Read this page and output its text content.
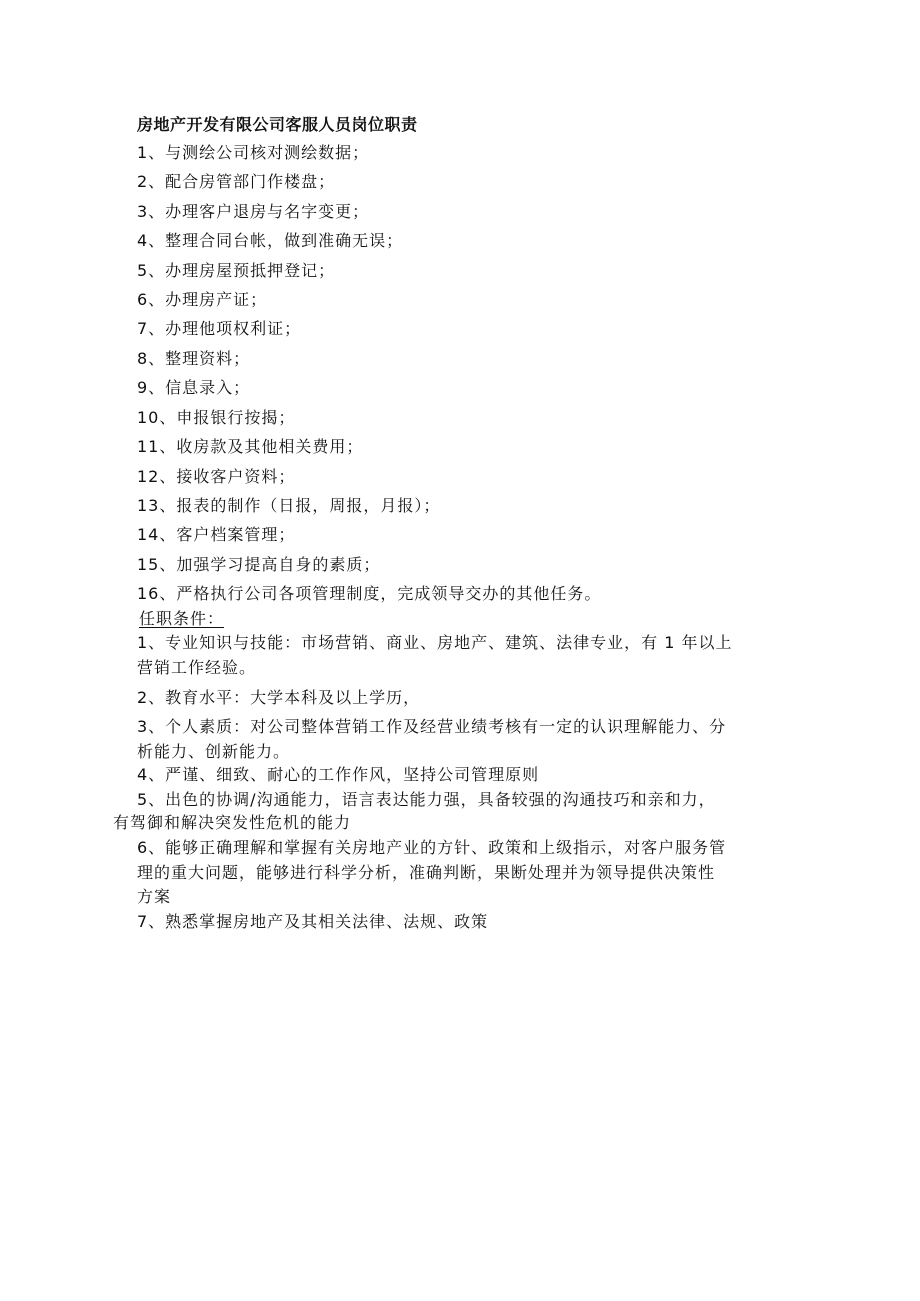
房地产开发有限公司客服人员岗位职责
1、与测绘公司核对测绘数据；
2、配合房管部门作楼盘；
3、办理客户退房与名字变更；
4、整理合同台帐，做到准确无误；
5、办理房屋预抵押登记；
6、办理房产证；
7、办理他项权利证；
8、整理资料；
9、信息录入；
10、申报银行按揭；
11、收房款及其他相关费用；
12、接收客户资料；
13、报表的制作（日报，周报，月报）；
14、客户档案管理；
15、加强学习提高自身的素质；
16、严格执行公司各项管理制度，完成领导交办的其他任务。
任职条件：
1、专业知识与技能：市场营销、商业、房地产、建筑、法律专业，有 1 年以上
营销工作经验。
2、教育水平：大学本科及以上学历，
3、个人素质：对公司整体营销工作及经营业绩考核有一定的认识理解能力、分
析能力、创新能力。
4、严谨、细致、耐心的工作作风，坚持公司管理原则
5、出色的协调/沟通能力，语言表达能力强，具备较强的沟通技巧和亲和力，
有驾御和解决突发性危机的能力
6、能够正确理解和掌握有关房地产业的方针、政策和上级指示，对客户服务管
理的重大问题，能够进行科学分析，准确判断，果断处理并为领导提供决策性
方案
7、熟悉掌握房地产及其相关法律、法规、政策
